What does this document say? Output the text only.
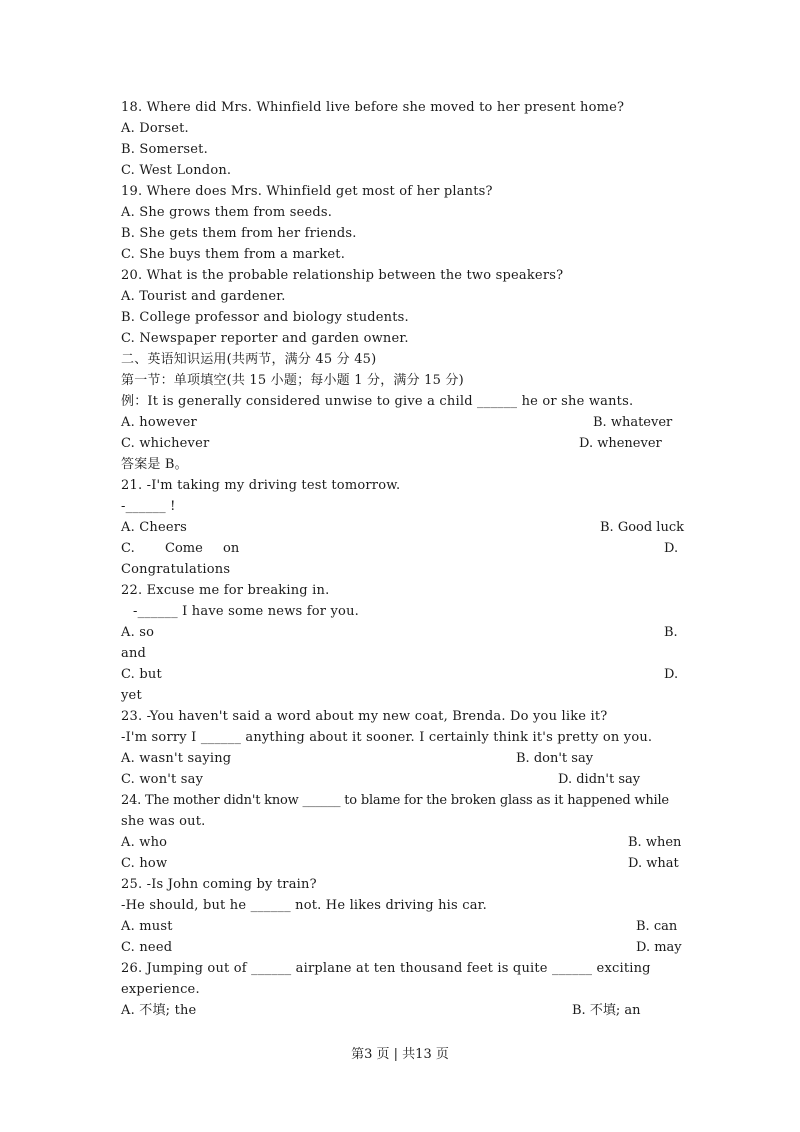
18. Where did Mrs. Whinfield live before she moved to her present home?
A. Dorset.
B. Somerset.
C. West London.
19. Where does Mrs. Whinfield get most of her plants?
A. She grows them from seeds.
B. She gets them from her friends.
C. She buys them from a market.
20. What is the probable relationship between the two speakers?
A. Tourist and gardener.
B. College professor and biology students.
C. Newspaper reporter and garden owner.
二、英语知识运用(共两节，满分 45 分 45)
第一节：单项填空(共 15 小题；每小题 1 分，满分 15 分)
例：It is generally considered unwise to give a child ______ he or she wants.
A. however	B. whatever
C. whichever	D. whenever
答案是 B。
21. -I'm taking my driving test tomorrow.
-______ !
A. Cheers	B. Good luck
C. Come on	D.
Congratulations
22. Excuse me for breaking in.
-______ I have some news for you.
A. so	B.
and
C. but	D.
yet
23. -You haven't said a word about my new coat, Brenda. Do you like it?
-I'm sorry I ______ anything about it sooner. I certainly think it's pretty on you.
A. wasn't saying	B. don't say
C. won't say	D. didn't say
24. The mother didn't know ______ to blame for the broken glass as it happened while
she was out.
A. who	B. when
C. how	D. what
25. -Is John coming by train?
-He should, but he ______ not. He likes driving his car.
A. must	B. can
C. need	D. may
26. Jumping out of ______ airplane at ten thousand feet is quite ______ exciting
experience.
A. 不填; the	B. 不填; an
第3 页 | 共13 页
